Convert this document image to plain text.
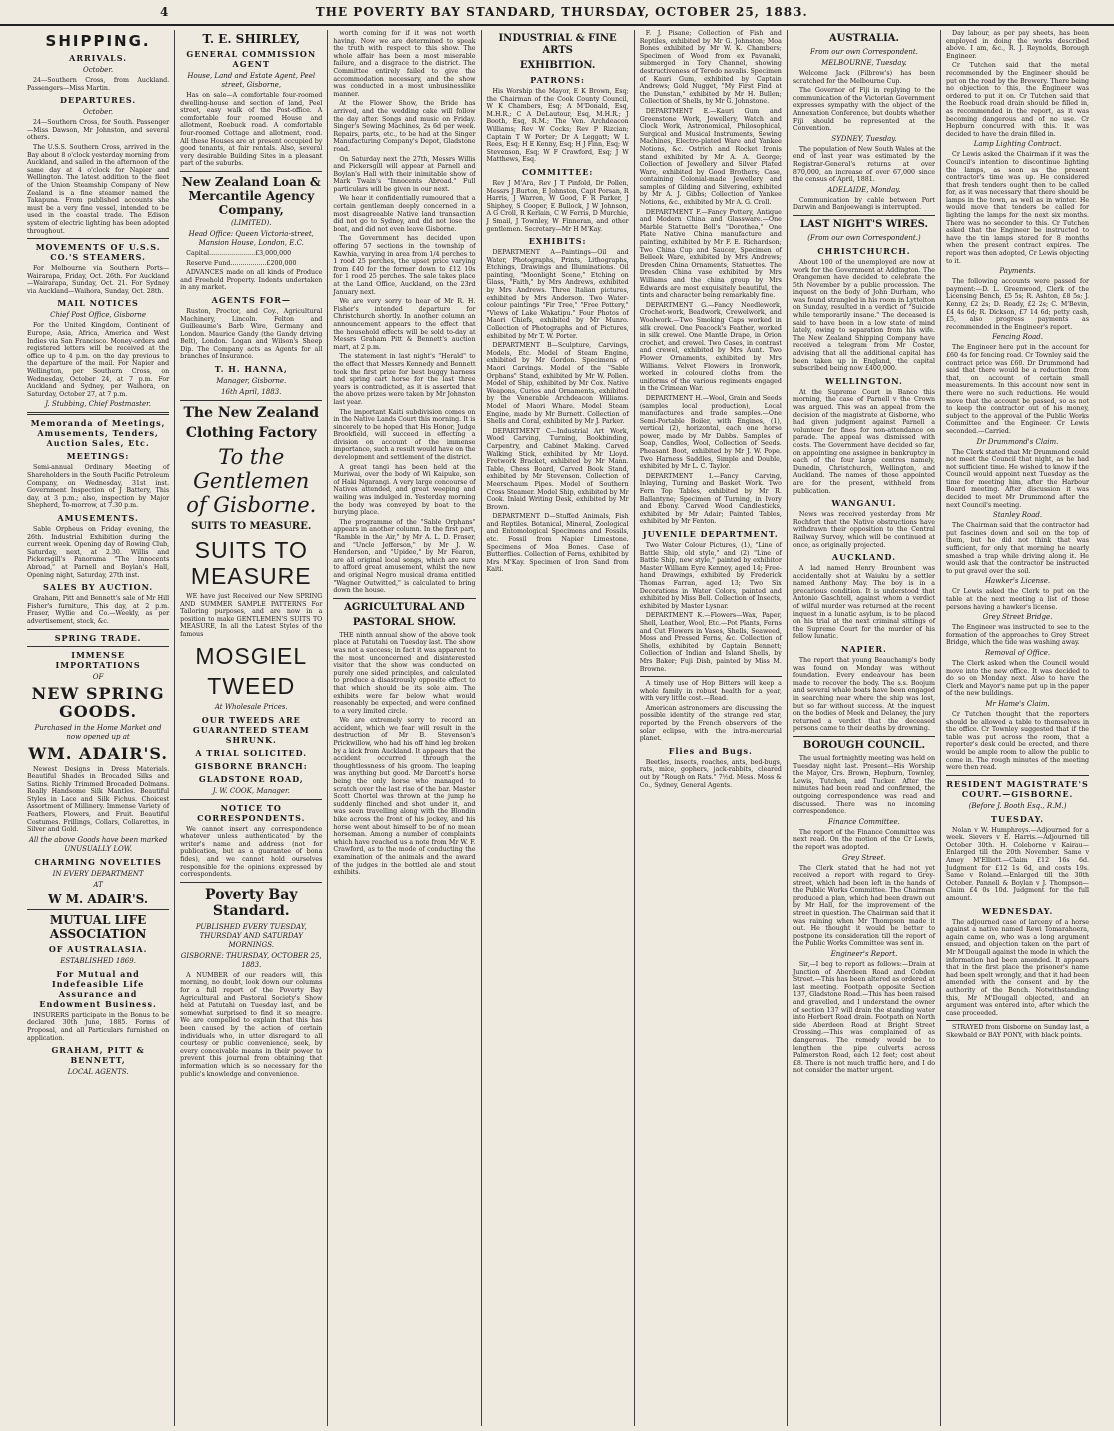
4	THE POVERTY BAY STANDARD, THURSDAY, OCTOBER 25, 1883.
SHIPPING.
ARRIVALS.
October.

24—Southern Cross, from Auckland. Passengers—Miss Martin.

DEPARTURES.
October.

24—Southern Cross, for South. Passenger—Miss Dawson, Mr Johnston, and several others.

The U.S.S. Southern Cross, arrived in the Bay about 8 o'clock yesterday morning from Auckland, and sailed in the afternoon of the same day at 4 o'clock for Napier and Wellington. The latest addition to the fleet of the Union Steamship Company of New Zealand is a fine steamer named the Takapuna. From published accounts she must be a very fine vessel, intended to be used in the coastal trade. The Edison system of electric lighting has been adopted throughout.

MOVEMENTS OF U.S.S. CO.'S STEAMERS.

For Melbourne via Southern Ports—Wairarapa, Friday, Oct. 26th. For Auckland—Wairarapa, Sunday, Oct. 21. For Sydney via Auckland—Waihora, Sunday, Oct. 28th.

MAIL NOTICES
Chief Post Office, Gisborne

For the United Kingdom, Continent of Europe, Asia, Africa, America and West Indies via San Francisco. Money-orders and registered letters will be received at the office up to 4 p.m. on the day previous to the departure of the mail. For Napier and Wellington, per Southern Cross, on Wednesday, October 24, at 7 p.m. For Auckland and Sydney, per Waihora, on Saturday, October 27, at 7 p.m.

J. Stubbing, Chief Postmaster.
Memoranda of Meetings, Amusements, Tenders, Auction Sales, Etc.
MEETINGS:

Semi-annual Ordinary Meeting of Shareholders in the South Pacific Petroleum Company, on Wednesday, 31st inst. Government Inspection of J Battery, This day, at 3 p.m.; also, inspection by Major Shepherd, To-morrow, at 7.30 p.m.

AMUSEMENTS.

Sable Orpheus on Friday evening, the 26th. Industrial Exhibition during the current week. Opening day of Rowing Club, Saturday, next, at 2.30. Willis and Pickersgill's Panorama "The Innocents Abroad," at Parnell and Boylan's Hall, Opening night, Saturday, 27th inst.

SALES BY AUCTION.

Graham, Pitt and Bennett's sale of Mr Hill Fisher's furniture, This day, at 2 p.m. Fraser, Wyllie and Co.—Weekly, as per advertisement, stock, &c.

SPRING TRADE.
IMMENSE IMPORTATIONS
OF
NEW SPRING GOODS.
Purchased in the Home Market and now opened up at
WM. ADAIR'S.

Newest Designs in Dress Materials. Beautiful Shades in Brocaded Silks and Satins. Richly Trimmed Brocaded Dolmans. Really Handsome Silk Mantles. Beautiful Styles in Lace and Silk Fichus. Choicest Assortment of Millinery. Immense Variety of Feathers, Flowers, and Fruit. Beautiful Costumes. Frillings, Collars, Collarettes, in Silver and Gold.

All the above Goods have been marked UNUSUALLY LOW.
CHARMING NOVELTIES
IN EVERY DEPARTMENT
AT
W M. ADAIR'S.
MUTUAL LIFE ASSOCIATION
OF AUSTRALASIA.
ESTABLISHED 1869.
For Mutual and Indefeasible Life Assurance and Endowment Business.

INSURERS participate in the Bonus to be declared 30th June, 1885. Forms of Proposal, and all Particulars furnished on application.

GRAHAM, PITT & BENNETT,
LOCAL AGENTS.
T. E. SHIRLEY,
GENERAL COMMISSION AGENT
House, Land and Estate Agent, Peel street, Gisborne,

Has on sale—A comfortable four-roomed dwelling-house and section of land, Peel street, easy walk of the Post-office. A comfortable four roomed House and allotment, Roebuck road. A comfortable four-roomed Cottage and allotment, road. All these Houses are at present occupied by good tenants, at fair rentals. Also, several very desirable Building Sites in a pleasant part of the suburbs.

New Zealand Loan & Mercantile Agency Company,
(LIMITED).
Head Office: Queen Victoria-street, Mansion House, London, E.C.

Capital.......................£3,000,000

Reserve Fund..................£200,000

ADVANCES made on all kinds of Produce and Freehold Property. Indents undertaken in any market.

AGENTS FOR—

Ruston, Proctor, and Coy., Agricultural Machinery, Lincoln. Felton and Guilleaume's Barb Wire, Germany and London. Maurice Gandy (the Gandy driving Belt), London. Logan and Wilson's Sheep Dip. The Company acts as Agents for all branches of Insurance.

T. H. HANNA,
Manager, Gisborne.
16th April, 1883.
The New Zealand
Clothing Factory
To the Gentlemen of Gisborne.
SUITS TO MEASURE.
SUITS TO MEASURE

WE have just Received our New SPRING AND SUMMER SAMPLE PATTERNS For Tailoring purposes, and are now in a position to make GENTLEMEN'S SUITS TO MEASURE, In all the Latest Styles of the famous

MOSGIEL
TWEED
At Wholesale Prices.
OUR TWEEDS ARE GUARANTEED STEAM SHRUNK.
A TRIAL SOLICITED.
GISBORNE BRANCH:
GLADSTONE ROAD,
J. W. COOK, Manager.
NOTICE TO CORRESPONDENTS.

We cannot insert any correspondence whatever unless authenticated by the writer's name and address (not for publication, but as a guarantee of bona fides), and we cannot hold ourselves responsible for the opinions expressed by correspondents.

Poverty Bay Standard.
PUBLISHED EVERY TUESDAY, THURSDAY AND SATURDAY MORNINGS.
GISBORNE: THURSDAY, OCTOBER 25, 1883.

A NUMBER of our readers will, this morning, no doubt, look down our columns for a full report of the Poverty Bay Agricultural and Pastoral Society's Show held at Patutahi on Tuesday last, and be somewhat surprised to find it so meagre. We are compelled to explain that this has been caused by the action of certain individuals who, in utter disregard to all courtesy or public convenience, seek, by every conceivable means in their power to prevent this journal from obtaining that information which is so necessary for the public's knowledge and convenience.

worth coming for if it was not worth having. Now we are determined to speak the truth with respect to this show. The whole affair has been a most miserable failure, and a disgrace to the district. The Committee entirely failed to give the accommodation necessary, and the show was conducted in a most unbusinesslike manner.

At the Flower Show, the Bride has arrived, and the wedding cake will follow the day after. Songs and music on Friday. Singer's Sewing Machines, 2s 6d per week. Repairs, parts, etc., to be had at the Singer Manufacturing Company's Depot, Gladstone road.

On Saturday next the 27th, Messrs Willis and Pickersgill will appear at Parnell and Boylan's Hall with their inimitable show of Mark Twain's "Innocents Abroad." Full particulars will be given in our next.

We hear it confidentially rumoured that a certain gentleman deeply concerned in a most disagreeable Native land transaction did not go to Sydney, and did not lose the boat, and did not even leave Gisborne.

The Government has decided upon offering 57 sections in the township of Kawhia, varying in area from 1/4 perches to 1 rood 25 perches, the upset price varying from £40 for the former down to £12 10s for 1 rood 25 perches. The sale takes place at the Land Office, Auckland, on the 23rd January next.

We are very sorry to hear of Mr R. H. Fisher's intended departure for Christchurch shortly. In another column an announcement appears to the effect that the household effects will be sold to-day at Messrs Graham Pitt & Bennett's auction mart, at 2 p.m.

The statement in last night's "Herald" to the effect that Messrs Kennedy and Bennett took the first prize for best buggy harness and spring cart horse for the last three years is contradicted, as it is asserted that the above prizes were taken by Mr Johnston last year.

The important Kaiti subdivision comes on in the Native Lands Court this morning. It is sincerely to be hoped that His Honor, Judge Brookfield, will succeed in effecting a division on account of the immense importance, such a result would have on the development and settlement of the district.

A great tangi has been held at the Muriwai, over the body of Wi Kaipuke, son of Haki Ngarangi. A very large concourse of Natives attended, and great weeping and wailing was indulged in. Yesterday morning the body was conveyed by boat to the burying place.

The programme of the "Sable Orphans" appears in another column. In the first part, "Ramble in the Air," by Mr A. L. D. Fraser, and "Uncle Jefferson," by Mr J. W. Henderson, and "Upidee," by Mr Fearon, are all original local songs, which are sure to afford great amusement, whilst the new and original Negro musical drama entitled "Wagner Outwitted," is calculated to bring down the house.

AGRICULTURAL AND
PASTORAL SHOW.

THE ninth annual show of the above took place at Patutahi on Tuesday last. The show was not a success; in fact it was apparent to the most unconcerned and disinterested visitor that the show was conducted on purely one sided principles, and calculated to produce a disastrously opposite effect to that which should be its sole aim. The exhibits were far below what would reasonably be expected, and were confined to a very limited circle.

We are extremely sorry to record an accident, which we fear will result in the destruction of Mr B. Stevenson's Prickwillow, who had his off hind leg broken by a kick from Auckland. It appears that the accident occurred through the thoughtlessness of his groom. The leaping was anything but good. Mr Darcett's horse being the only horse who managed to scratch over the last rise of the bar. Master Scott Chortel was thrown at the jump he suddenly flinched and shot under it, and was seen travelling along with the Blondin bike across the front of his jockey, and his horse went about himself to be of no mean horseman. Among a number of complaints which have reached us a note from Mr W. F. Crawford, as to the mode of conducting the examination of the animals and the award of the judges in the bottled ale and stout exhibits.

INDUSTRIAL & FINE ARTS
EXHIBITION.
PATRONS:

His Worship the Mayor, E K Brown, Esq; the Chairman of the Cook County Council, W K Chambers, Esq; A M'Donald, Esq, M.H.R.; C A DeLautour, Esq, M.H.R.; J Booth, Esq, R.M.; The Ven. Archdeacon Williams; Rev W Cocks; Rev P Rizcian; Captain T W Porter; Dr A Leggatt; W L Rees, Esq; H E Kenny, Esq; H J Finn, Esq; W Stevenson, Esq; W F Crawford, Esq; J W Matthews, Esq.

COMMITTEE:

Rev J M'Ara, Rev J T Pinfold, Dr Pollen, Messrs J Burton, E Johnston, Capt Porsan, R Harris, J Warren, W Good, F R Parker, J Shiphey, S Cooper, E Bullock, J W Johnson, A G Croll, R Kerlain, C W Ferris, D Murchie, J Smail, J Townley, W Finneran, and other gentlemen. Secretary—Mr H M'Kay.

EXHIBITS:

DEPARTMENT A—Paintings—Oil and Water, Photographs, Prints, Lithographs, Etchings, Drawings and Illuminations. Oil painting, "Moonlight Scene," Etching on Glass, "Faith," by Mrs Andrews, exhibited by Mrs Andrews. Three Italian pictures, exhibited by Mrs Anderson. Two Water-colour paintings "Fir Tree," "Free Pottery," "Views of Lake Wakatipu." Four Photos of Maori Chiefs, exhibited by Mr Munro. Collection of Photographs and of Pictures, exhibited by Mr T. W. Porter.

DEPARTMENT B—Sculpture, Carvings, Models, Etc. Model of Steam Engine, exhibited by Mr Gordon. Specimens of Maori Carvings. Model of the "Sable Orphans" Stand, exhibited by Mr W. Pollen. Model of Ship, exhibited by Mr Cox. Native Weapons, Curios and Ornaments, exhibited by the Venerable Archdeacon Williams. Model of Maori Whare. Model Steam Engine, made by Mr Burnett. Collection of Shells and Coral, exhibited by Mr J. Parker.

DEPARTMENT C—Industrial Art Work, Wood Carving, Turning, Bookbinding, Carpentry, and Cabinet Making. Carved Walking Stick, exhibited by Mr Lloyd. Fretwork Bracket, exhibited by Mr Mann. Table, Chess Board, Carved Book Stand, exhibited by Mr Stevenson. Collection of Meerschaum Pipes. Model of Southern Cross Steamer. Model Ship, exhibited by Mr Cook. Inlaid Writing Desk, exhibited by Mr Brown.

DEPARTMENT D—Stuffed Animals, Fish and Reptiles. Botanical, Mineral, Zoological and Entomological Specimens and Fossils, etc. Fossil from Napier Limestone. Specimens of Moa Bones. Case of Butterflies. Collection of Ferns, exhibited by Mrs M'Kay. Specimen of Iron Sand from Kaiti.

F. J. Pisane; Collection of Fish and Reptiles, exhibited by Mr G. Johnston; Moa Bones exhibited by Mr W. K. Chambers; Specimen of Wood from ex Pavanaki, submerged in Tory Channel, showing destructiveness of Teredo navalis. Specimen of Kauri Gum, exhibited by Captain Andrews; Gold Nugget, "My First Find at the Dunstan," exhibited by Mr H. Bullen; Collection of Shells, by Mr G. Johnstone.

DEPARTMENT E.—Kauri Gum and Greenstone Work, Jewellery, Watch and Clock Work, Astronomical, Philosophical, Surgical and Musical Instruments, Sewing Machines, Electro-plated Ware and Yankee Notions, &c. Ostrich and Rocket Ironis stand exhibited by Mr A. A. George; Collection of Jewellery and Silver Plated Ware, exhibited by Good Brothers; Case, containing Colonial-made Jewellery and samples of Gilding and Silvering, exhibited by Mr A. J. Gibbs; Collection of Yankee Notions, &c., exhibited by Mr A. G. Croll.

DEPARTMENT F.—Fancy Pottery, Antique and Modern China and Glassware.—One Marble Statuette Bell's "Dorothea," One Plate Native China manufacture and painting, exhibited by Mr F. E. Richardson; Two China Cup and Saucer, Specimen of Belleek Ware, exhibited by Mrs Andrews; Dresden China Ornaments, Statuettes. The Dresden China vase exhibited by Mrs Williams and the china group by Mrs Edwards are most exquisitely beautiful, the tints and character being remarkably fine.

DEPARTMENT G.—Fancy Needlework, Crochet-work, Beadwork, Crewelwork, and Woolwork.—Two Smoking Caps worked in silk crewel. One Peacock's Feather, worked in silk crewel. One Mantle Drape, in Orion crochet, and crewel. Two Cases, in contrast and crewel, exhibited by Mrs Aunt. Two Flower Ornaments, exhibited by Mrs Williams. Velvet Flowers in Ironwork, worked in coloured cloths from the uniforms of the various regiments engaged in the Crimean War.

DEPARTMENT H.—Wool, Grain and Seeds (samples local production), Local manufactures and trade samples.—One Semi-Portable Boiler, with Engines, (1), vertical (2), horizontal, each one horse power, made by Mr Dabbs. Samples of Soap, Candles, Wool, Collection of Seeds. Pheasant Boot, exhibited by Mr J. W. Pope. Two Harness Saddles, Simple and Double, exhibited by Mr L. C. Taylor.

DEPARTMENT I.—Fancy Carving, Inlaying, Turning and Basket Work. Two Fern Top Tables, exhibited by Mr R. Ballantyne; Specimen of Turning, in Ivory and Ebony. Carved Wood Candlesticks, exhibited by Mr Adair; Painted Tables, exhibited by Mr Fenton.

JUVENILE DEPARTMENT.

Two Water Colour Pictures, (1), "Line of Battle Ship, old style," and (2) "Line of Battle Ship, new style," painted by exhibitor Master William Eyre Kenney, aged 14; Free-hand Drawings, exhibited by Frederick Thomas Farran, aged 13; Two Six Decorations in Water Colors, painted and exhibited by Miss Bell. Collection of Insects, exhibited by Master Lysnar.

DEPARTMENT K.—Flowers—Wax, Paper, Shell, Leather, Wool, Etc.—Pot Plants, Ferns and Cut Flowers in Vases, Shells, Seaweed, Moss and Pressed Ferns, &c. Collection of Shells, exhibited by Captain Bennett; Collection of Indian and Island Shells, by Mrs Baker; Fuji Dish, painted by Miss M. Browne.

A timely use of Hop Bitters will keep a whole family in robust health for a year, with very little cost.—Read.

American astronomers are discussing the possible identity of the strange red star, reported by the French observers of the solar eclipse, with the intra-mercurial planet.

Flies and Bugs.

Beetles, insects, roaches, ants, bed-bugs, rats, mice, gophers, jack-rabbits, cleared out by "Rough on Rats." 7½d. Mess. Moss & Co., Sydney, General Agents.

AUSTRALIA.
From our own Correspondent.
MELBOURNE, Tuesday.

Welcome Jack (Filbrow's) has been scratched for the Melbourne Cup.

The Governor of Fiji in replying to the communication of the Victorian Government expresses sympathy with the object of the Annexation Conference, but doubts whether Fiji should be represented at the Convention.

SYDNEY, Tuesday.

The population of New South Wales at the end of last year was estimated by the Registrar-General's returns at over 870,000, an increase of over 67,000 since the census of April, 1881.

ADELAIDE, Monday.

Communication by cable between Port Darwin and Banjoewangi is interrupted.

LAST NIGHT'S WIRES.
(From our own Correspondent.)
CHRISTCHURCH.

About 100 of the unemployed are now at work for the Government at Addington. The Orangemen have decided to celebrate the 5th November by a public procession. The inquest on the body of John Durham, who was found strangled in his room in Lyttelton on Sunday, resulted in a verdict of "Suicide while temporarily insane." The deceased is said to have been in a low state of mind lately, owing to separation from his wife. The New Zealand Shipping Company have received a telegram from Mr Coster, advising that all the additional capital has been taken up in England, the capital subscribed being now £400,000.

WELLINGTON.

At the Supreme Court in Banco this morning, the case of Parnell v the Crown was argued. This was an appeal from the decision of the magistrate at Gisborne, who had given judgment against Parnell a volunteer for fines for non-attendance on parade. The appeal was dismissed with costs. The Government have decided so far, on appointing one assignee in bankruptcy in each of the four large centres namely, Dunedin, Christchurch, Wellington, and Auckland. The names of those appointed are for the present, withheld from publication.

WANGANUI.

News was received yesterday from Mr Rochfort that the Native obstructions have withdrawn their opposition to the Central Railway Survey, which will be continued at once, as originally projected.

AUCKLAND.

A lad named Henry Brounbent was accidentally shot at Waiuku by a settler named Anthony May. The boy is in a precarious condition. It is understood that Antonio Gaschtell, against whom a verdict of wilful murder was returned at the recent inquest in a lunatic asylum, is to be placed on his trial at the next criminal sittings of the Supreme Court for the murder of his fellow lunatic.

NAPIER.

The report that young Beauchamp's body was found on Monday was without foundation. Every endeavour has been made to recover the body. The s.s. Boojum and several whale boats have been engaged in searching near where the ship was lost, but so far without success. At the inquest on the bodies of Meek and Delaney, the jury returned a verdict that the deceased persons came to their deaths by drowning.

BOROUGH COUNCIL.

The usual fortnightly meeting was held on Tuesday night last. Present—His Worship the Mayor, Crs. Brown, Hepburn, Townley, Lewis, Tutchen, and Tucker. After the minutes had been read and confirmed, the outgoing correspondence was read and discussed. There was no incoming correspondence.

Finance Committee.

The report of the Finance Committee was next read. On the motion of the Cr Lewis, the report was adopted.

Grey Street.

The Clerk stated that he had not yet received a report with regard to Grey-street, which had been left in the hands of the Public Works Committee. The Chairman produced a plan, which had been drawn out by Mr Hall, for the improvement of the street in question. The Chairman said that it was raining when Mr Thompson made it out. He thought it would be better to postpone its consideration till the report of the Public Works Committee was sent in.

Engineer's Report.

Sir,—I beg to report as follows:—Drain at Junction of Aberdeen Road and Cobden Street.—This has been altered as ordered at last meeting. Footpath opposite Section 137, Gladstone Road.—This has been raised and gravelled, and I understand the owner of section 137 will drain the standing water into Herbert Road drain. Footpath on North side Aberdeen Road at Bright Street Crossing.—This was complained of as dangerous. The remedy would be to lengthen the pipe culverts across Palmerston Road, each 12 feet; cost about £8. There is not much traffic here, and I do not consider the matter urgent.

Day labour, as per pay sheets, has been employed in doing the works described above. I am, &c., R. J. Reynolds, Borough Engineer.

Cr Tutchen said that the metal recommended by the Engineer should be put on the road by the Brewery. There being no objection to this, the Engineer was ordered to put it on. Cr Tutchen said that the Roebuck road drain should be filled in, as recommended in the report, as it was becoming dangerous and of no use. Cr Hepburn concurred with this. It was decided to have the drain filled in.

Lamp Lighting Contract.

Cr Lewis asked the Chairman if it was the Council's intention to discontinue lighting the lamps, as soon as the present contractor's time was up. He considered that fresh tenders ought then to be called for, as it was necessary that there should be lamps in the town, as well as in winter. He would move that tenders be called for lighting the lamps for the next six months. There was no seconder to this. Cr Tutchen asked that the Engineer be instructed to have the tin lamps stored for 8 months when the present contract expires. The report was then adopted, Cr Lewis objecting to it.

Payments.

The following accounts were passed for payment:—D. L. Greenwood, Clerk of the Licensing Bench, £5 5s; R. Ashton, £8 5s; J. Kenny, £2 2s; D. Ready, £2 2s; C. M'Bevin, £4 4s 6d; R. Dickson, £7 14 6d; petty cash, £5, also progress payments as recommended in the Engineer's report.

Fencing Road.

The Engineer here put in the account for £60 4s for fencing road. Cr Townley said the contract price was £60. Dr Drummond had said that there would be a reduction from that, on account of certain small measurements. In this account now sent in there were no such reductions. He would move that the account be passed, so as not to keep the contractor out of his money, subject to the approval of the Public Works Committee and the Engineer. Cr Lewis seconded.—Carried.

Dr Drummond's Claim.

The Clerk stated that Mr Drummond could not meet the Council that night, as he had not sufficient time. He wished to know if the Council would appoint next Tuesday as the time for meeting him, after the Harbour Board meeting. After discussion it was decided to meet Mr Drummond after the next Council's meeting.

Stanley Road.

The Chairman said that the contractor had put fascines down and soil on the top of them, but he did not think that was sufficient, for only that morning he nearly smashed a trap while driving along it. He would ask that the contractor be instructed to put gravel over the soil.

Hawker's License.

Cr Lewis asked the Clerk to put on the table at the next meeting a list of those persons having a hawker's license.

Grey Street Bridge.

The Engineer was instructed to see to the formation of the approaches to Grey Street Bridge, which the tide was washing away.

Removal of Office.

The Clerk asked when the Council would move into the new office. It was decided to do so on Monday next. Also to have the Clerk and Mayor's name put up in the paper of the new buildings.

Mr Hame's Claim.

Cr Tutchen thought that the reporters should be allowed a table to themselves in the office. Cr Townley suggested that if the table was put across the room, that a reporter's desk could be erected, and there would be ample room to allow the public to come in. The rough minutes of the meeting were then read.

RESIDENT MAGISTRATE'S COURT.—GISBORNE.
(Before J. Booth Esq., R.M.)
TUESDAY.

Nolan v W. Humphreys.—Adjourned for a week. Sievers v E. Harris.—Adjourned till October 30th. H. Coleborne v Kairau—Enlarged till the 20th November. Same v Amey M'Elliott.—Claim £12 16s 6d. Judgment for £12 1s 6d, and costs 19s. Same v Roland.—Enlarged till the 30th October. Pannell & Boylan v J. Thompson—Claim £4 0s 10d. Judgment for the full amount.

WEDNESDAY.

The adjourned case of larceny of a horse against a native named Rewi Tomarahoera, again came on, who was a long argument ensued, and objection taken on the part of Mr M'Dougall against the mode in which the information had been amended. It appears that in the first place the prisoner's name had been spelt wrongly, and that it had been amended with the consent and by the authority of the Bench. Notwithstanding this, Mr M'Dougall objected, and an argument was entered into, after which the case proceeded.

STRAYED from Gisborne on Sunday last, a Skewbald or BAY PONY, with black points.
